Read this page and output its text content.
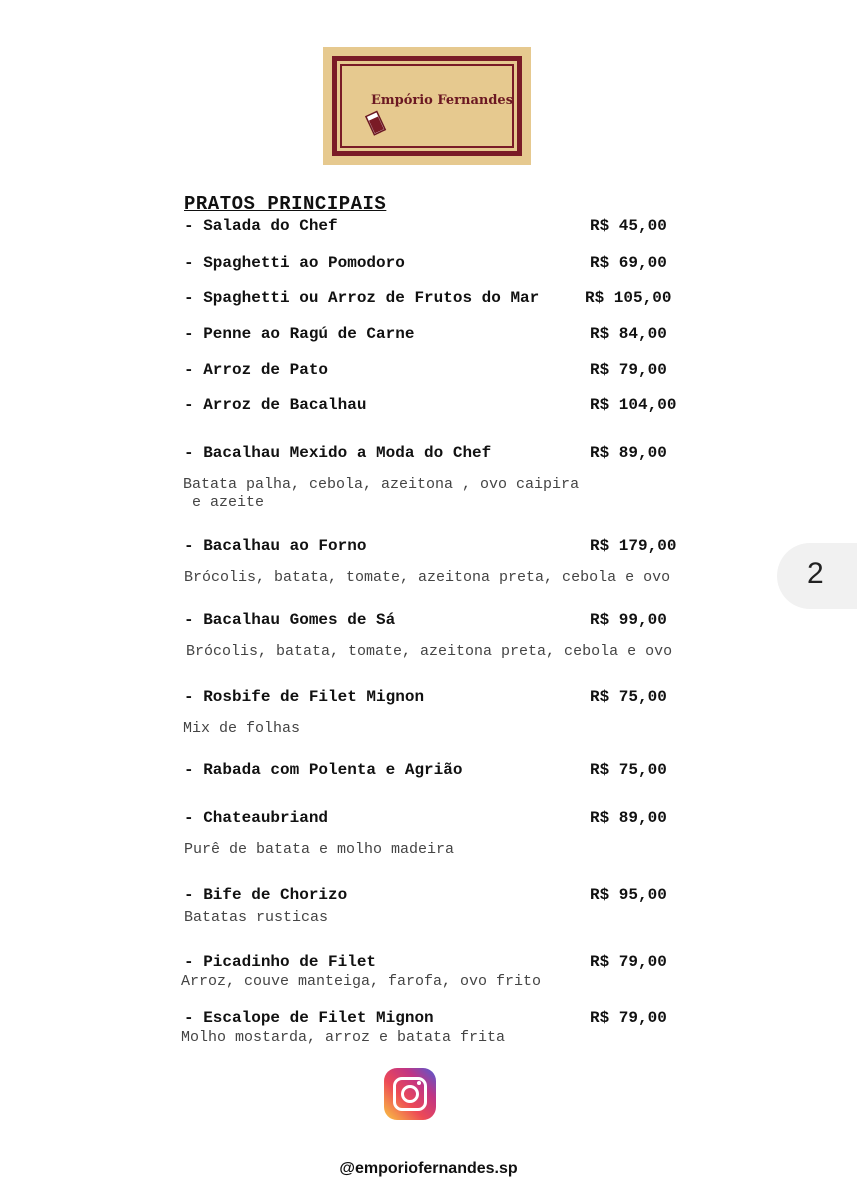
Empório Fernandes
PRATOS PRINCIPAIS
- Salada do Chef	R$ 45,00
- Spaghetti ao Pomodoro	R$ 69,00
- Spaghetti ou Arroz de Frutos do Mar	R$ 105,00
- Penne ao Ragú de Carne	R$ 84,00
- Arroz de Pato	R$ 79,00
- Arroz de Bacalhau	R$ 104,00
- Bacalhau Mexido a Moda do Chef	R$ 89,00
Batata palha, cebola, azeitona , ovo caipira
e azeite
- Bacalhau ao Forno	R$ 179,00
Brócolis, batata, tomate, azeitona preta, cebola e ovo
- Bacalhau Gomes de Sá	R$ 99,00
Brócolis, batata, tomate, azeitona preta, cebola e ovo
- Rosbife de Filet Mignon	R$ 75,00
Mix de folhas
- Rabada com Polenta e Agrião	R$ 75,00
- Chateaubriand	R$ 89,00
Purê de batata e molho madeira
- Bife de Chorizo	R$ 95,00
Batatas rusticas
- Picadinho de Filet	R$ 79,00
Arroz, couve manteiga, farofa, ovo frito
- Escalope de Filet Mignon	R$ 79,00
Molho mostarda, arroz e batata frita
2
@emporiofernandes.sp
